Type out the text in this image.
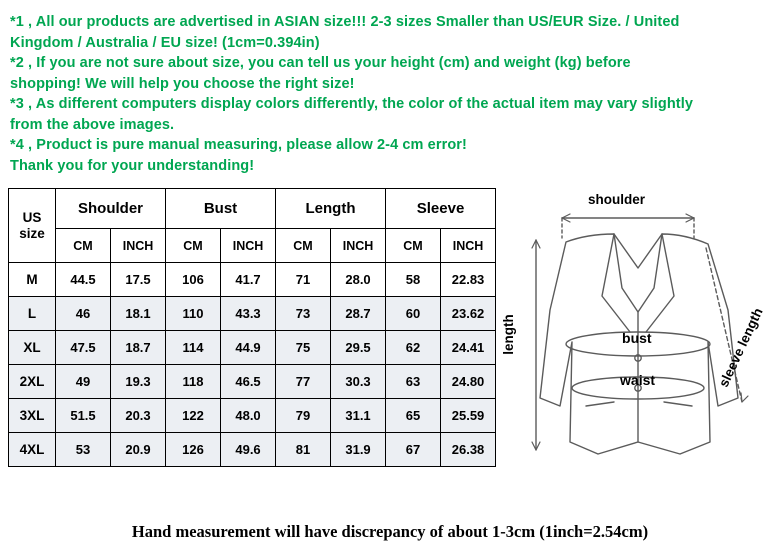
*1 , All our products are advertised in ASIAN size!!! 2-3 sizes Smaller than US/EUR Size. / United
Kingdom / Australia / EU size! (1cm=0.394in)
*2 , If you are not sure about size, you can tell us your height (cm) and weight (kg) before
shopping! We will help you choose the right size!
*3 , As different computers display colors differently, the color of the actual item may vary slightly
from the above images.
*4 , Product is pure manual measuring, please allow 2-4 cm error!
Thank you for your understanding!
US size	Shoulder		Bust		Length		Sleeve	
	CM	INCH	CM	INCH	CM	INCH	CM	INCH
M	44.5	17.5	106	41.7	71	28.0	58	22.83
L	46	18.1	110	43.3	73	28.7	60	23.62
XL	47.5	18.7	114	44.9	75	29.5	62	24.41
2XL	49	19.3	118	46.5	77	30.3	63	24.80
3XL	51.5	20.3	122	48.0	79	31.1	65	25.59
4XL	53	20.9	126	49.6	81	31.9	67	26.38
shoulder
bust
waist
length	sleeve length
Hand measurement will have discrepancy of about 1-3cm (1inch=2.54cm)
